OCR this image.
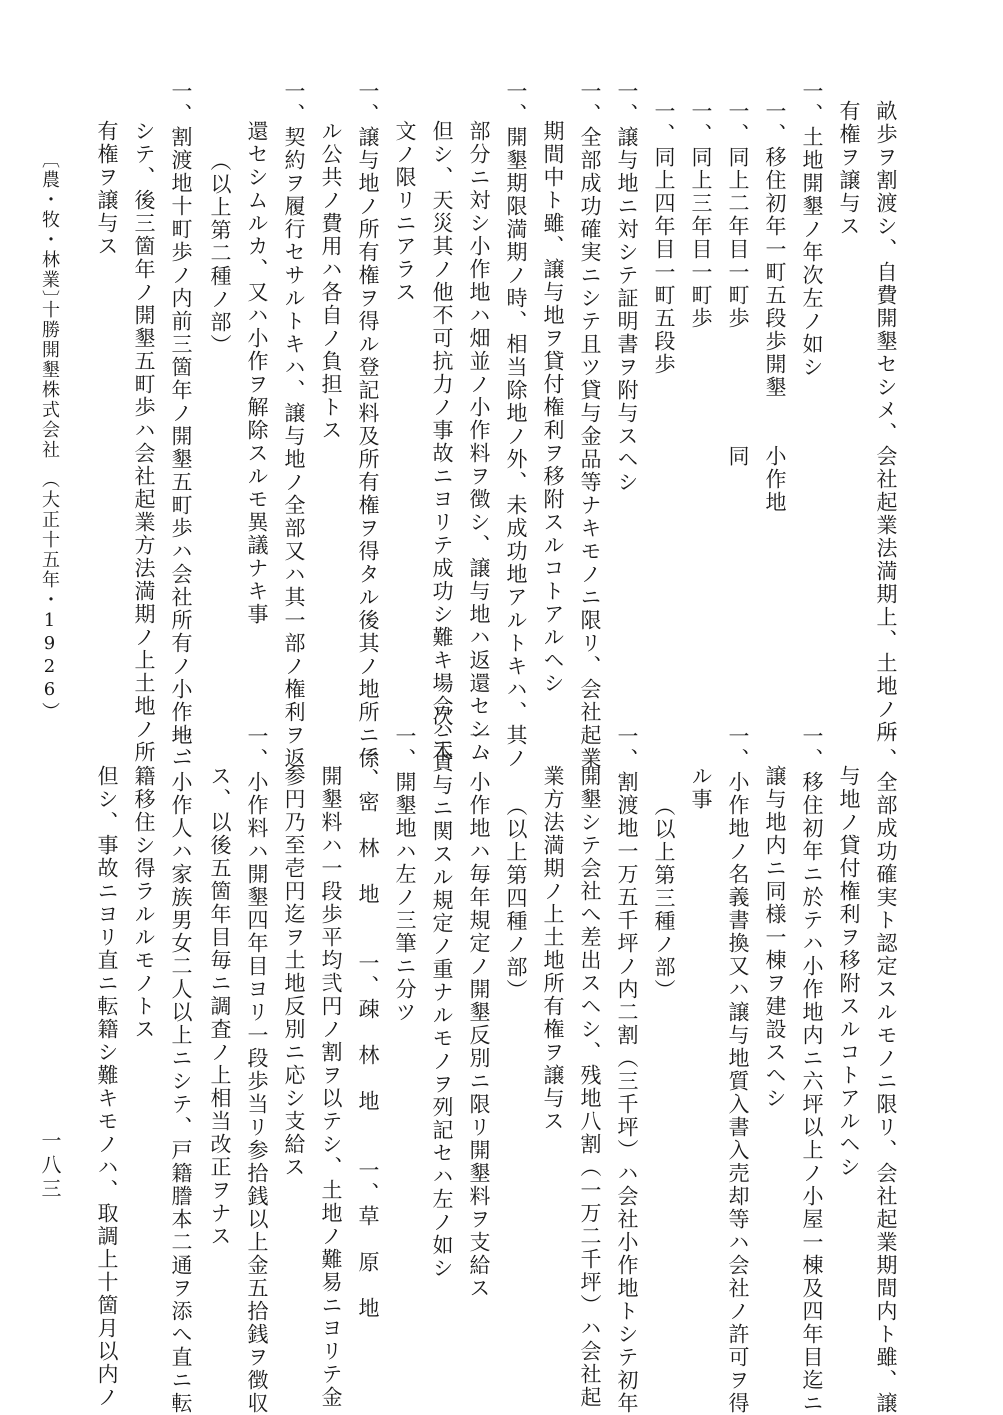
畝歩ヲ割渡シ、自費開墾セシメ、会社起業法満期上、土地ノ所
有権ヲ譲与ス
一、土地開墾ノ年次左ノ如シ
一、移住初年一町五段歩開墾　　小作地
一、同上二年目一町歩　　　　　同
一、同上三年目一町歩
一、同上四年目一町五段歩
一、譲与地ニ対シテ証明書ヲ附与スヘシ
一、全部成功確実ニシテ且ツ貸与金品等ナキモノニ限リ、会社起業
期間中ト雖、譲与地ヲ貸付権利ヲ移附スルコトアルヘシ
一、開墾期限満期ノ時、相当除地ノ外、未成功地アルトキハ、其ノ
部分ニ対シ小作地ハ畑並ノ小作料ヲ徴シ、譲与地ハ返還セシム
但シ、天災其ノ他不可抗力ノ事故ニヨリテ成功シ難キ場合ハ本
文ノ限リニアラス
一、譲与地ノ所有権ヲ得ル登記料及所有権ヲ得タル後其ノ地所ニ係
ル公共ノ費用ハ各自ノ負担トス
一、契約ヲ履行セサルトキハ、譲与地ノ全部又ハ其一部ノ権利ヲ返
還セシムルカ、又ハ小作ヲ解除スルモ異議ナキ事
（以上第二種ノ部）
一、割渡地十町歩ノ内前三箇年ノ開墾五町歩ハ会社所有ノ小作地ニ
シテ、後三箇年ノ開墾五町歩ハ会社起業方法満期ノ上土地ノ所
有権ヲ譲与ス
一、全部成功確実ト認定スルモノニ限リ、会社起業期間内ト雖、譲
与地ノ貸付権利ヲ移附スルコトアルヘシ
一、移住初年ニ於テハ小作地内ニ六坪以上ノ小屋一棟及四年目迄ニ
譲与地内ニ同様一棟ヲ建設スヘシ
一、小作地ノ名義書換又ハ譲与地質入書入売却等ハ会社ノ許可ヲ得
ル事
（以上第三種ノ部）
一、割渡地一万五千坪ノ内二割（三千坪）ハ会社小作地トシテ初年
開墾シテ会社へ差出スヘシ、残地八割（一万二千坪）ハ会社起
業方法満期ノ上土地所有権ヲ譲与ス
（以上第四種ノ部）
一、小作地ハ毎年規定ノ開墾反別ニ限リ開墾料ヲ支給ス
次ニ貸与ニ関スル規定ノ重ナルモノヲ列記セハ左ノ如シ
一、開墾地ハ左ノ三筆ニ分ツ
一、密　林　地　　一、疎　林　地　　一、草　原　地
開墾料ハ一段歩平均弐円ノ割ヲ以テシ、土地ノ難易ニヨリテ金
参円乃至壱円迄ヲ土地反別ニ応シ支給ス
一、小作料ハ開墾四年目ヨリ一段歩当リ参拾銭以上金五拾銭ヲ徴収
ス、以後五箇年目毎ニ調査ノ上相当改正ヲナス
一、小作人ハ家族男女二人以上ニシテ、戸籍謄本二通ヲ添へ直ニ転
籍移住シ得ラルルモノトス
但シ、事故ニヨリ直ニ転籍シ難キモノハ、取調上十箇月以内ノ
〔農・牧・林業〕
十勝開墾株式会社
（大正十五年・1926）
一八三
